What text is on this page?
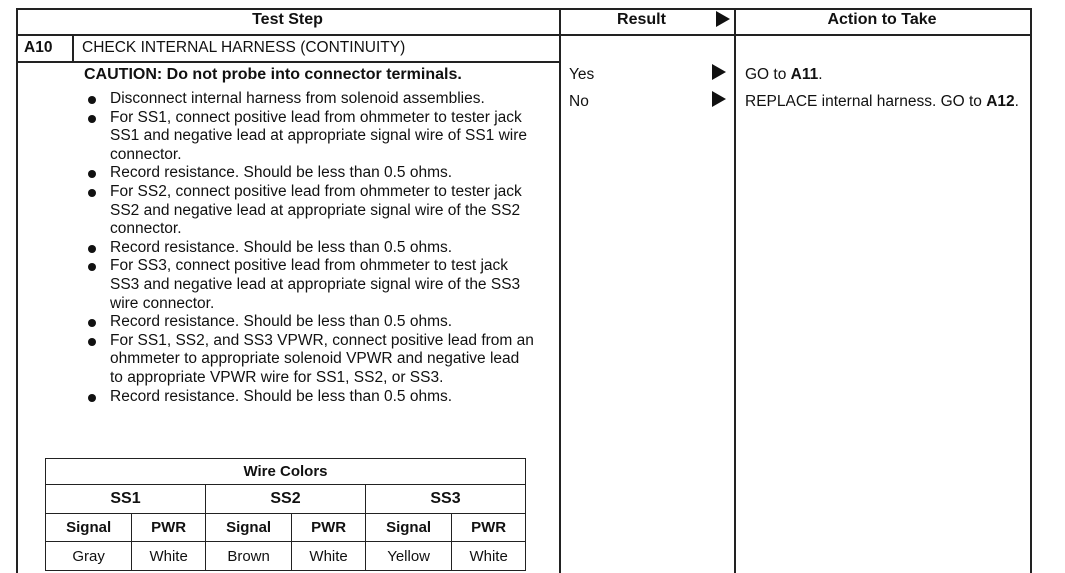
Test Step	Result	Action to Take
A10 CHECK INTERNAL HARNESS (CONTINUITY)
CAUTION: Do not probe into connector terminals.
Disconnect internal harness from solenoid assemblies.
For SS1, connect positive lead from ohmmeter to tester jack SS1 and negative lead at appropriate signal wire of SS1 wire connector.
Record resistance. Should be less than 0.5 ohms.
For SS2, connect positive lead from ohmmeter to tester jack SS2 and negative lead at appropriate signal wire of the SS2 connector.
Record resistance. Should be less than 0.5 ohms.
For SS3, connect positive lead from ohmmeter to test jack SS3 and negative lead at appropriate signal wire of the SS3 wire connector.
Record resistance. Should be less than 0.5 ohms.
For SS1, SS2, and SS3 VPWR, connect positive lead from an ohmmeter to appropriate solenoid VPWR and negative lead to appropriate VPWR wire for SS1, SS2, or SS3.
Record resistance. Should be less than 0.5 ohms.
Yes	GO to A11.
No	REPLACE internal harness. GO to A12.
Wire Colors					
SS1		SS2		SS3	
Signal	PWR	Signal	PWR	Signal	PWR
Gray	White	Brown	White	Yellow	White
